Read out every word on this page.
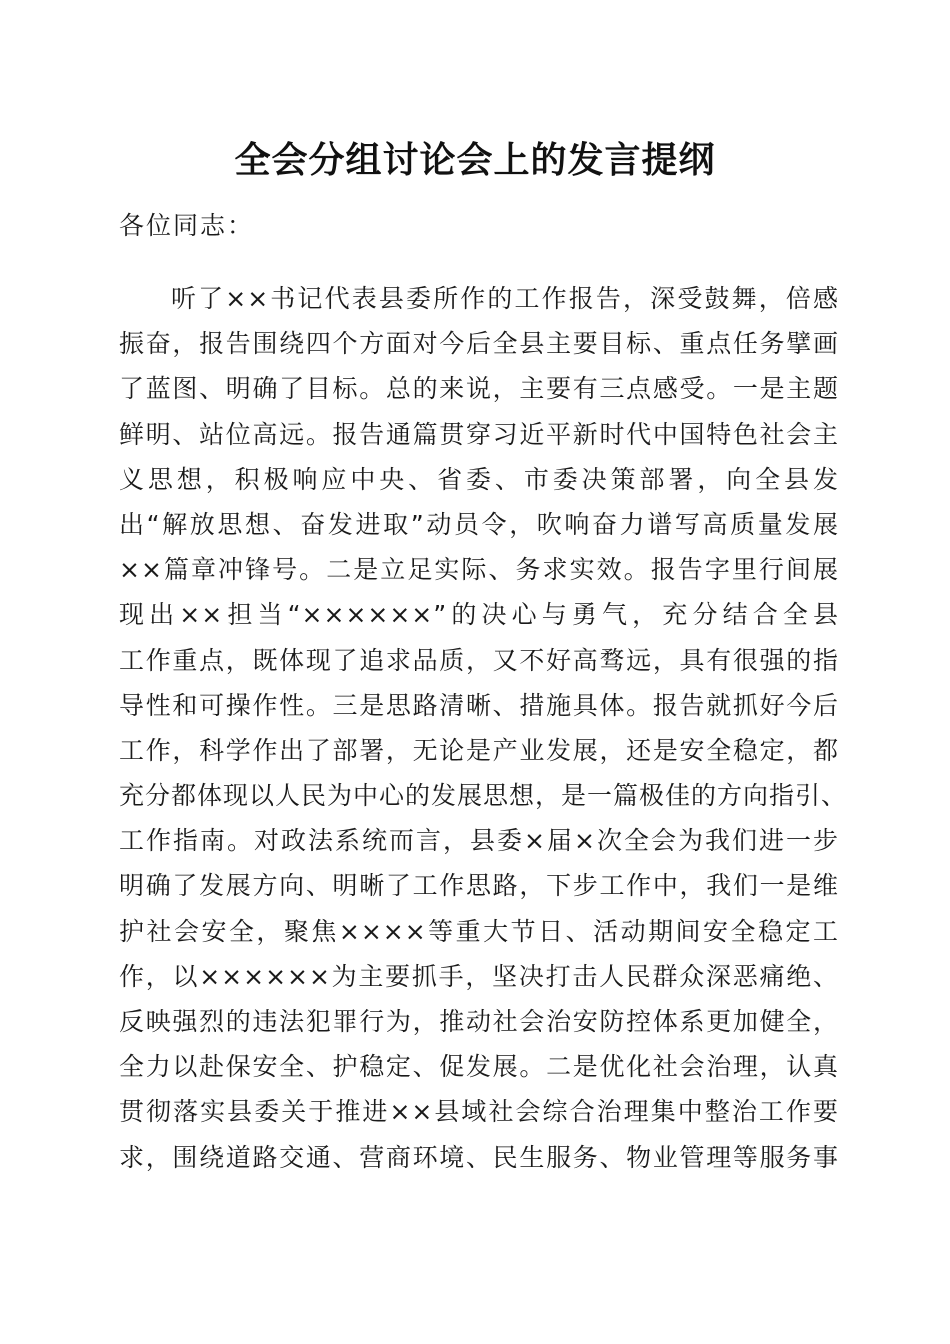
全会分组讨论会上的发言提纲
各位同志：
听了××书记代表县委所作的工作报告，深受鼓舞，倍感
振奋，报告围绕四个方面对今后全县主要目标、重点任务擘画
了蓝图、明确了目标。总的来说，主要有三点感受。一是主题
鲜明、站位高远。报告通篇贯穿习近平新时代中国特色社会主
义思想，积极响应中央、省委、市委决策部署，向全县发
出“解放思想、奋发进取”动员令，吹响奋力谱写高质量发展
××篇章冲锋号。二是立足实际、务求实效。报告字里行间展
现出××担当“××××××”的决心与勇气，充分结合全县
工作重点，既体现了追求品质，又不好高骛远，具有很强的指
导性和可操作性。三是思路清晰、措施具体。报告就抓好今后
工作，科学作出了部署，无论是产业发展，还是安全稳定，都
充分都体现以人民为中心的发展思想，是一篇极佳的方向指引、
工作指南。对政法系统而言，县委×届×次全会为我们进一步
明确了发展方向、明晰了工作思路，下步工作中，我们一是维
护社会安全，聚焦××××等重大节日、活动期间安全稳定工
作，以××××××为主要抓手，坚决打击人民群众深恶痛绝、
反映强烈的违法犯罪行为，推动社会治安防控体系更加健全，
全力以赴保安全、护稳定、促发展。二是优化社会治理，认真
贯彻落实县委关于推进××县域社会综合治理集中整治工作要
求，围绕道路交通、营商环境、民生服务、物业管理等服务事
